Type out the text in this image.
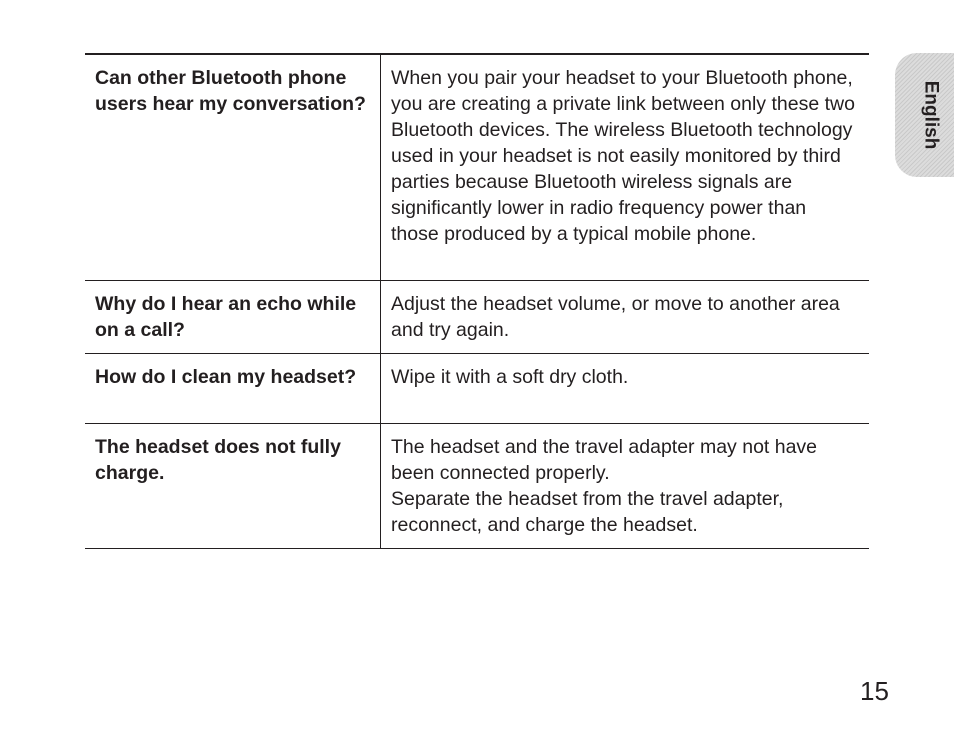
Can other Bluetooth phone users hear my conversation?

When you pair your headset to your Bluetooth phone, you are creating a private link between only these two Bluetooth devices. The wireless Bluetooth technology used in your headset is not easily monitored by third parties because Bluetooth wireless signals are significantly lower in radio frequency power than those produced by a typical mobile phone.

Why do I hear an echo while on a call?

Adjust the headset volume, or move to another area and try again.

How do I clean my headset?	Wipe it with a soft dry cloth.

The headset does not fully charge.

The headset and the travel adapter may not have been connected properly.

Separate the headset from the travel adapter, reconnect, and charge the headset.

English
15
